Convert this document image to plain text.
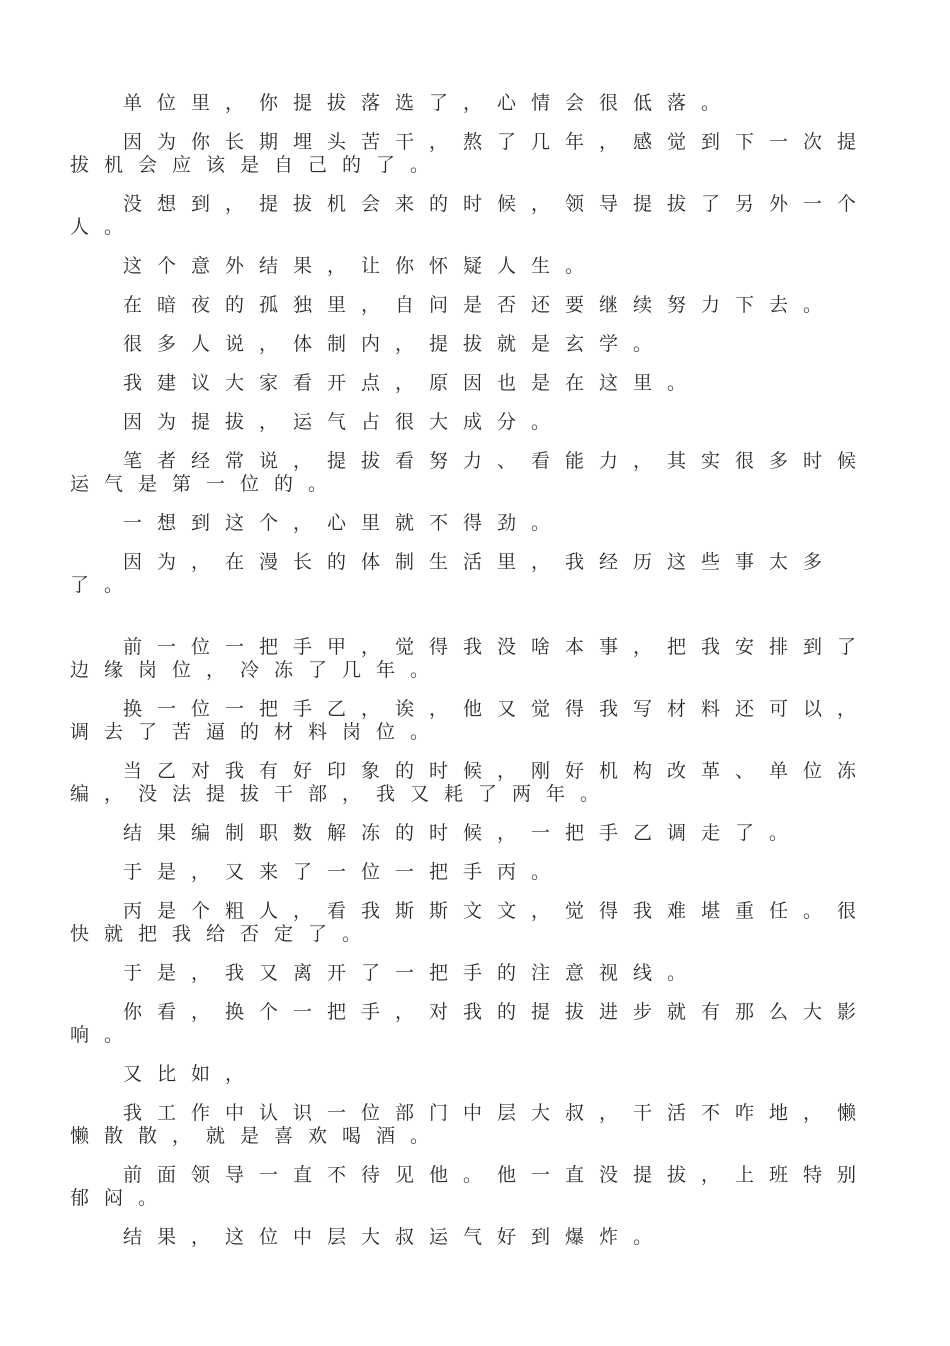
单位里，你提拔落选了，心情会很低落。

因为你长期埋头苦干，熬了几年，感觉到下一次提拔机会应该是自己的了。

没想到，提拔机会来的时候，领导提拔了另外一个人。

这个意外结果，让你怀疑人生。

在暗夜的孤独里，自问是否还要继续努力下去。

很多人说，体制内，提拔就是玄学。

我建议大家看开点，原因也是在这里。

因为提拔，运气占很大成分。

笔者经常说，提拔看努力、看能力，其实很多时候运气是第一位的。

一想到这个，心里就不得劲。

因为，在漫长的体制生活里，我经历这些事太多了。

前一位一把手甲，觉得我没啥本事，把我安排到了边缘岗位，冷冻了几年。

换一位一把手乙，诶，他又觉得我写材料还可以，调去了苦逼的材料岗位。

当乙对我有好印象的时候，刚好机构改革、单位冻编，没法提拔干部，我又耗了两年。

结果编制职数解冻的时候，一把手乙调走了。

于是，又来了一位一把手丙。

丙是个粗人，看我斯斯文文，觉得我难堪重任。很快就把我给否定了。

于是，我又离开了一把手的注意视线。

你看，换个一把手，对我的提拔进步就有那么大影响。

又比如，

我工作中认识一位部门中层大叔，干活不咋地，懒懒散散，就是喜欢喝酒。

前面领导一直不待见他。他一直没提拔，上班特别郁闷。

结果，这位中层大叔运气好到爆炸。
